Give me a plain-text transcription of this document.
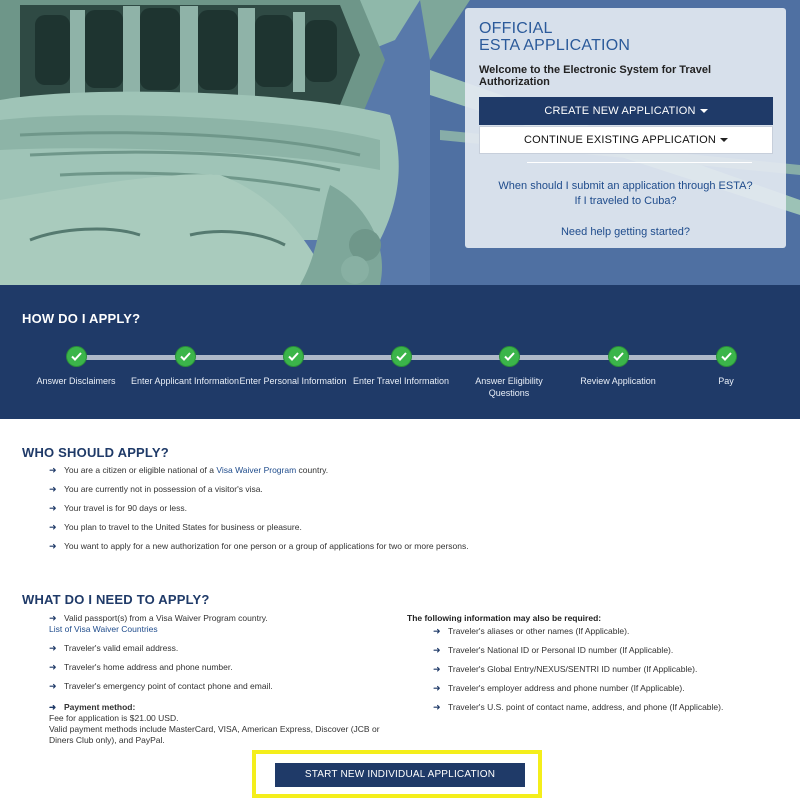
OFFICIAL
ESTA APPLICATION
Welcome to the Electronic System for Travel Authorization
CREATE NEW APPLICATION
CONTINUE EXISTING APPLICATION
When should I submit an application through ESTA?
If I traveled to Cuba?
Need help getting started?
HOW DO I APPLY?
Answer Disclaimers	Enter Applicant Information Enter Personal Information Enter Travel Information	Answer Eligibility Questions
Review Application	Pay
WHO SHOULD APPLY?
➜ You are a citizen or eligible national of a Visa Waiver Program country.
➜ You are currently not in possession of a visitor's visa.
➜ Your travel is for 90 days or less.
➜ You plan to travel to the United States for business or pleasure.
➜ You want to apply for a new authorization for one person or a group of applications for two or more persons.
WHAT DO I NEED TO APPLY?
➜ Valid passport(s) from a Visa Waiver Program country.
List of Visa Waiver Countries
➜ Traveler's valid email address.
➜ Traveler's home address and phone number.
➜ Traveler's emergency point of contact phone and email.
➜ Payment method:
Fee for application is $21.00 USD.
Valid payment methods include MasterCard, VISA, American Express, Discover (JCB or Diners Club only), and PayPal.
The following information may also be required:
➜ Traveler's aliases or other names (If Applicable).
➜ Traveler's National ID or Personal ID number (If Applicable).
➜ Traveler's Global Entry/NEXUS/SENTRI ID number (If Applicable).
➜ Traveler's employer address and phone number (If Applicable).
➜ Traveler's U.S. point of contact name, address, and phone (If Applicable).
START NEW INDIVIDUAL APPLICATION
